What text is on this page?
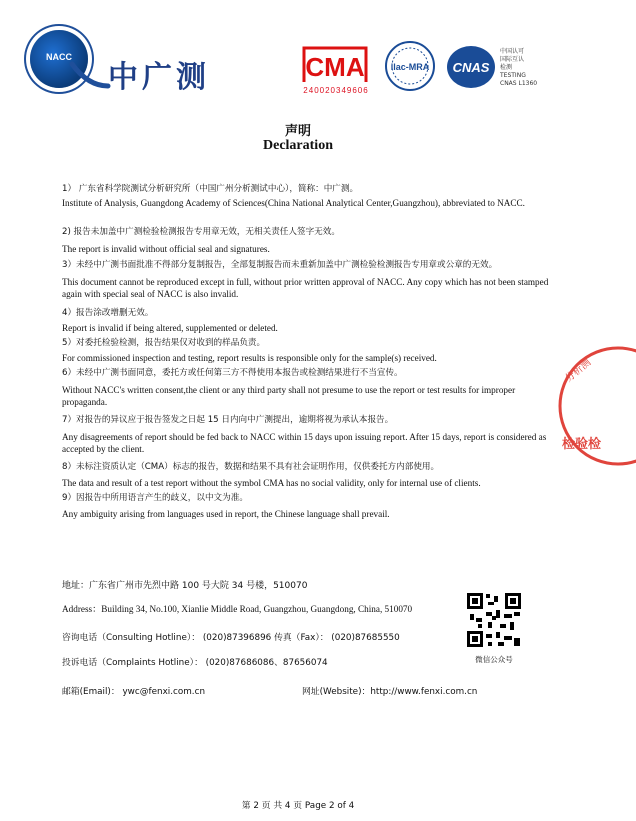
NACC
中广测	CMA
240020349606
ilac-MRA CNAS
中国认可
国际互认
检测
TESTING
CNAS L1360
声明
Declaration
1） 广东省科学院测试分析研究所（中国广州分析测试中心），简称：中广测。
Institute of Analysis, Guangdong Academy of Sciences(China National Analytical Center,Guangzhou), abbreviated to NACC.
2) 报告未加盖中广测检验检测报告专用章无效，无相关责任人签字无效。
The report is invalid without official seal and signatures.
3）未经中广测书面批准不得部分复制报告，全部复制报告而未重新加盖中广测检验检测报告专用章或公章的无效。
This document cannot be reproduced except in full, without prior written approval of NACC. Any copy which has not been stamped again with special seal of NACC is also invalid.
4）报告涂改增删无效。
Report is invalid if being altered, supplemented or deleted.
5）对委托检验检测，报告结果仅对收到的样品负责。
For commissioned inspection and testing, report results is responsible only for the sample(s) received.
6）未经中广测书面同意，委托方或任何第三方不得使用本报告或检测结果进行不当宣传。
Without NACC's written consent,the client or any third party shall not presume to use the report or test results for improper propaganda.
7）对报告的异议应于报告签发之日起 15 日内向中广测提出，逾期将视为承认本报告。
Any disagreements of report should be fed back to NACC within 15 days upon issuing report. After 15 days, report is considered as accepted by the client.
8）未标注资质认定（CMA）标志的报告，数据和结果不具有社会证明作用，仅供委托方内部使用。
The data and result of a test report without the symbol CMA has no social validity, only for internal use of clients.
9）因报告中所用语言产生的歧义，以中文为准。
Any ambiguity arising from languages used in report, the Chinese language shall prevail.
分析测
检验检
地址：广东省广州市先烈中路 100 号大院 34 号楼，510070
Address：Building 34, No.100, Xianlie Middle Road, Guangzhou, Guangdong, China, 510070
咨询电话（Consulting Hotline）： (020)87396896 传真（Fax）： (020)87685550
投诉电话（Complaints Hotline）： (020)87686086、87656074
邮箱(Email)： ywc@fenxi.com.cn	网址(Website)：http://www.fenxi.com.cn
微信公众号
第 2 页 共 4 页 Page 2 of 4
